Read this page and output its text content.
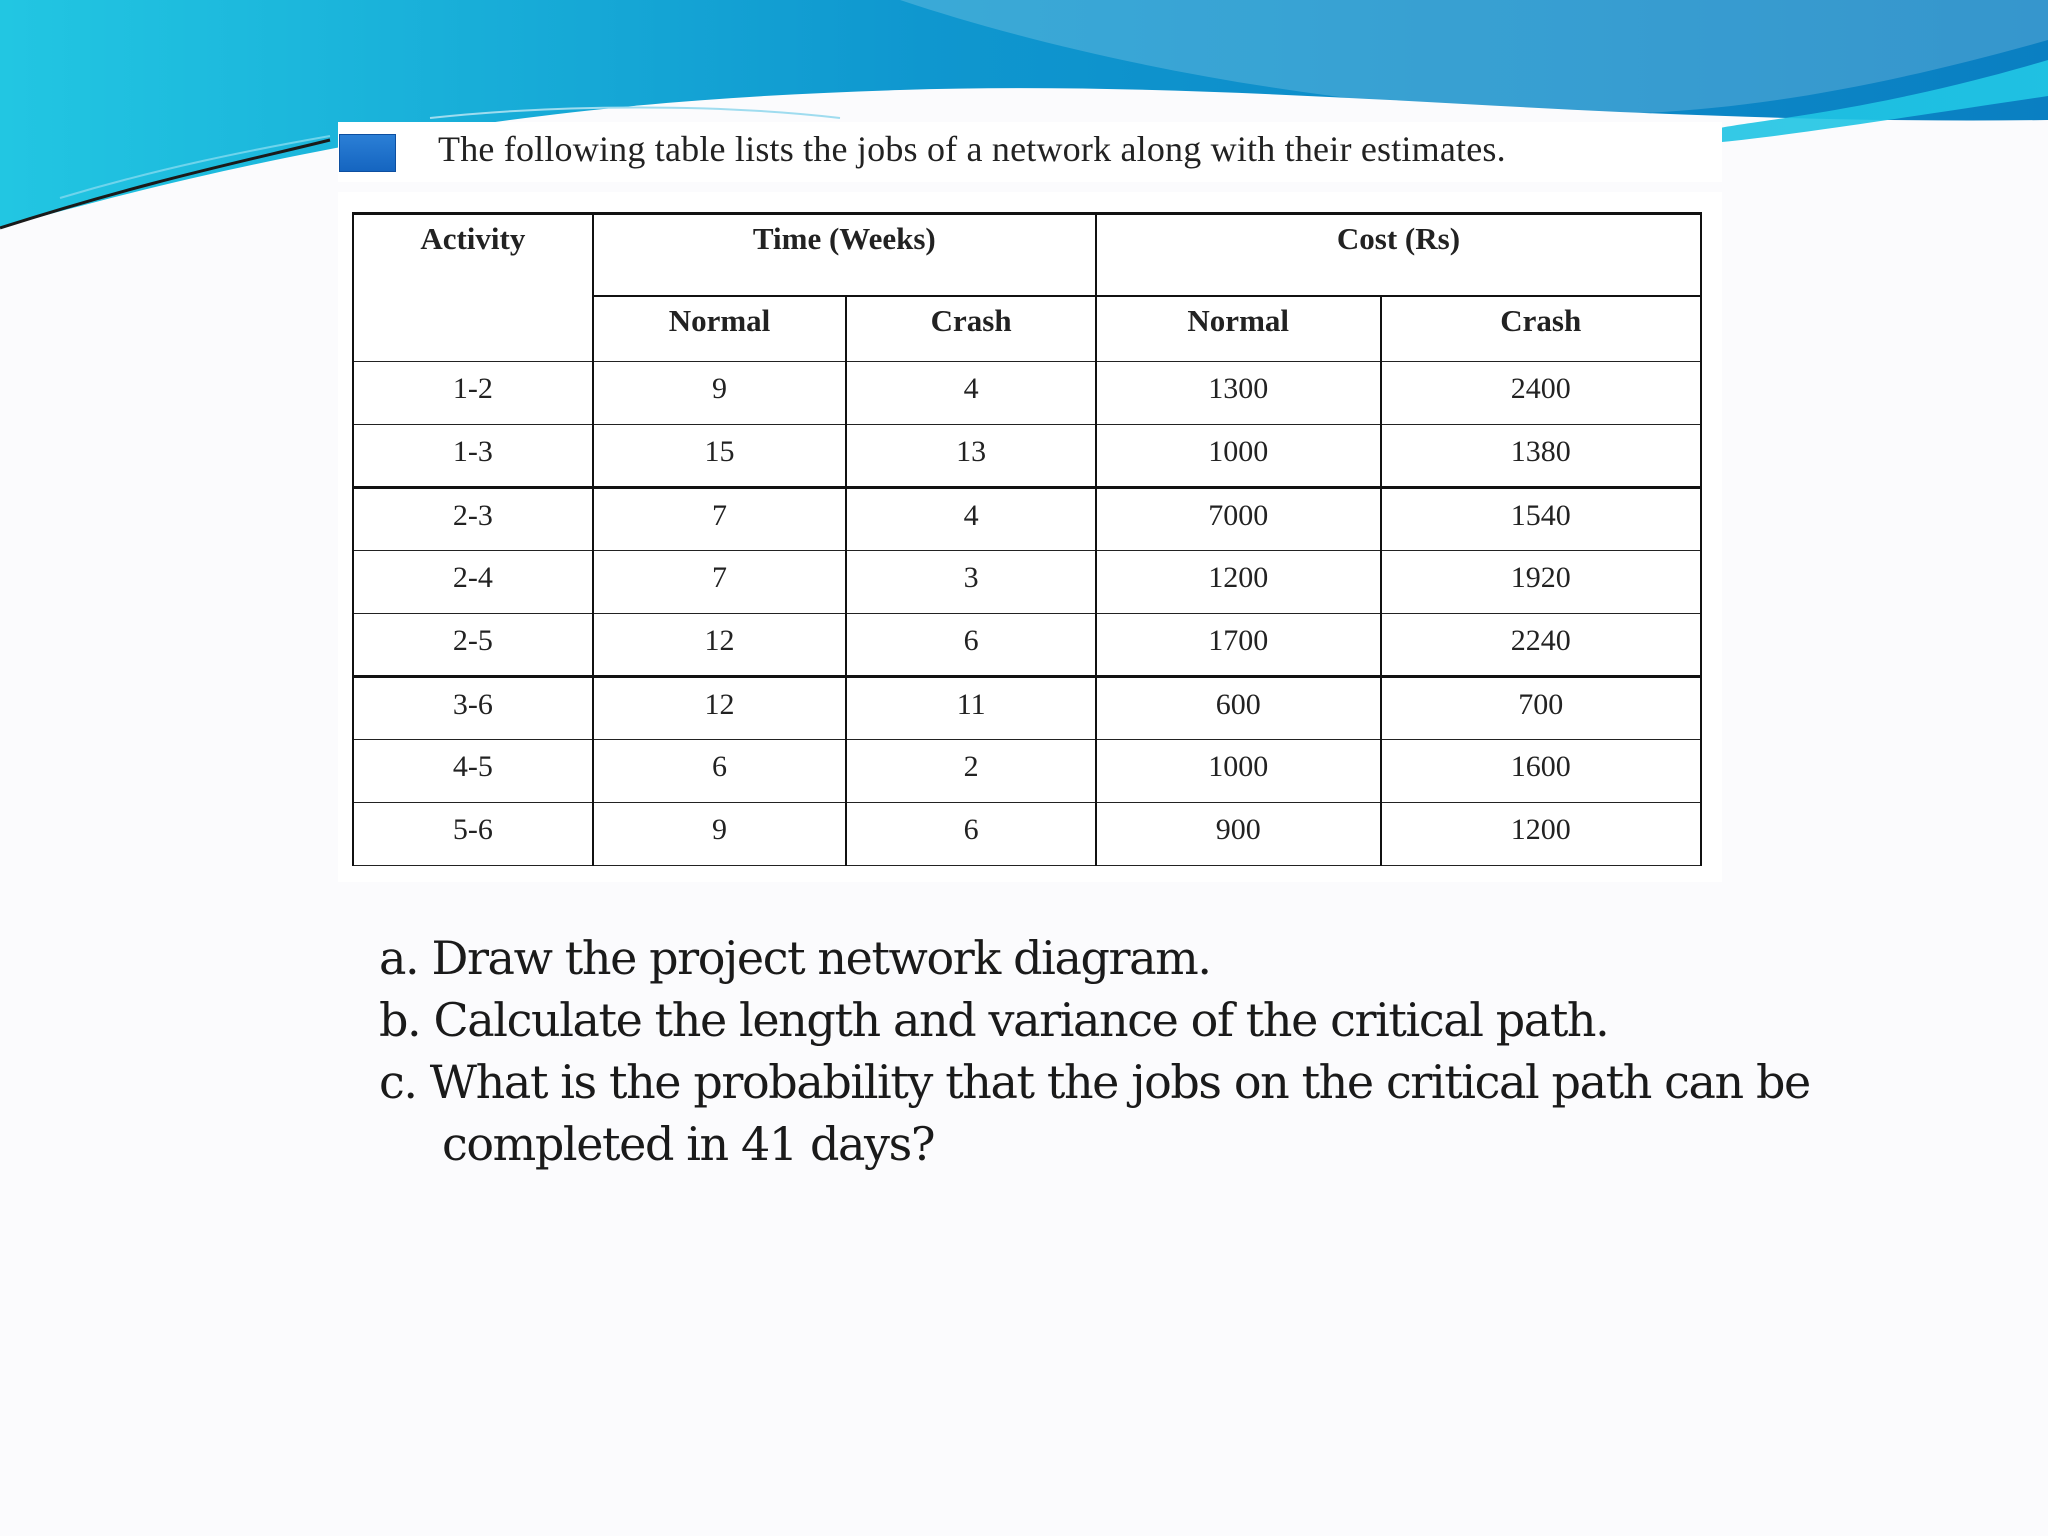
The following table lists the jobs of a network along with their estimates.
Activity	Time (Weeks)		Cost (Rs)	
	Normal	Crash	Normal	Crash
1-2	9	4	1300	2400
1-3	15	13	1000	1380
2-3	7	4	7000	1540
2-4	7	3	1200	1920
2-5	12	6	1700	2240
3-6	12	11	600	700
4-5	6	2	1000	1600
5-6	9	6	900	1200
a. Draw the project network diagram.
b. Calculate the length and variance of the critical path.
c. What is the probability that the jobs on the critical path can be
completed in 41 days?
